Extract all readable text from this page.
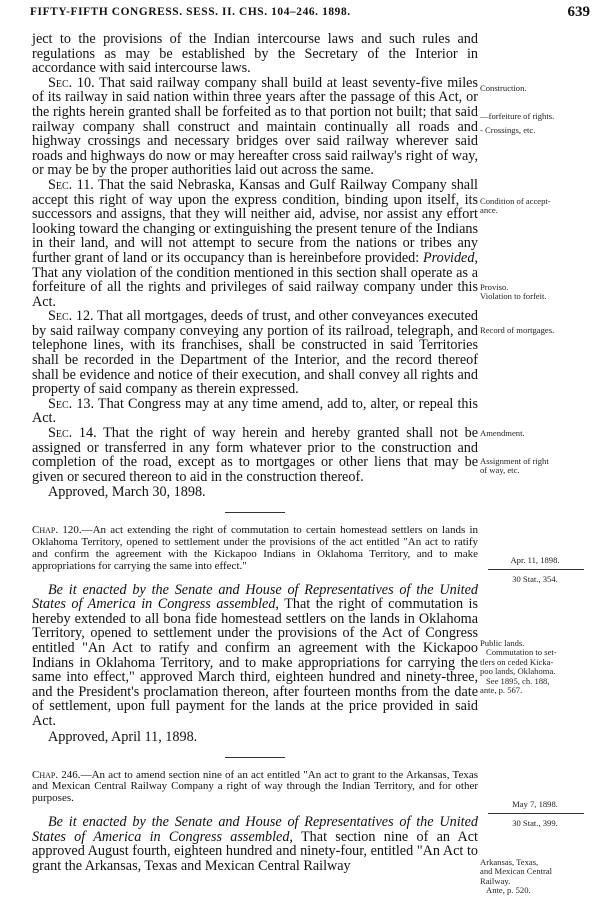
FIFTY-FIFTH CONGRESS. SESS. II. CHS. 104–246. 1898.	639

ject to the provisions of the Indian intercourse laws and such rules and regulations as may be established by the Secretary of the Interior in accordance with said intercourse laws.

Sec. 10. That said railway company shall build at least seventy-five miles of its railway in said nation within three years after the passage of this Act, or the rights herein granted shall be forfeited as to that portion not built; that said railway company shall construct and maintain continually all roads and highway crossings and necessary bridges over said railway wherever said roads and highways do now or may hereafter cross said railway's right of way, or may be by the proper authorities laid out across the same.

Sec. 11. That the said Nebraska, Kansas and Gulf Railway Company shall accept this right of way upon the express condition, binding upon itself, its successors and assigns, that they will neither aid, advise, nor assist any effort looking toward the changing or extinguishing the present tenure of the Indians in their land, and will not attempt to secure from the nations or tribes any further grant of land or its occupancy than is hereinbefore provided: Provided, That any violation of the condition mentioned in this section shall operate as a forfeiture of all the rights and privileges of said railway company under this Act.

Sec. 12. That all mortgages, deeds of trust, and other conveyances executed by said railway company conveying any portion of its railroad, telegraph, and telephone lines, with its franchises, shall be constructed in said Territories shall be recorded in the Department of the Interior, and the record thereof shall be evidence and notice of their execution, and shall convey all rights and property of said company as therein expressed.

Sec. 13. That Congress may at any time amend, add to, alter, or repeal this Act.

Sec. 14. That the right of way herein and hereby granted shall not be assigned or transferred in any form whatever prior to the construction and completion of the road, except as to mortgages or other liens that may be given or secured thereon to aid in the construction thereof.

Approved, March 30, 1898.

Chap. 120.—An act extending the right of commutation to certain homestead settlers on lands in Oklahoma Territory, opened to settlement under the provisions of the act entitled "An act to ratify and confirm the agreement with the Kickapoo Indians in Oklahoma Territory, and to make appropriations for carrying the same into effect."

Be it enacted by the Senate and House of Representatives of the United States of America in Congress assembled, That the right of commutation is hereby extended to all bona fide homestead settlers on the lands in Oklahoma Territory, opened to settlement under the provisions of the Act of Congress entitled "An Act to ratify and confirm an agreement with the Kickapoo Indians in Oklahoma Territory, and to make appropriations for carrying the same into effect," approved March third, eighteen hundred and ninety-three, and the President's proclamation thereon, after fourteen months from the date of settlement, upon full payment for the lands at the price provided in said Act.

Approved, April 11, 1898.

Chap. 246.—An act to amend section nine of an act entitled "An act to grant to the Arkansas, Texas and Mexican Central Railway Company a right of way through the Indian Territory, and for other purposes.

Be it enacted by the Senate and House of Representatives of the United States of America in Congress assembled, That section nine of an Act approved August fourth, eighteen hundred and ninety-four, entitled "An Act to grant the Arkansas, Texas and Mexican Central Railway

Construction.
—forfeiture of rights.
- Crossings, etc.
Condition of accept-
ance.
Proviso.
Violation to forfeit.
Record of mortgages.
Amendment.
Assignment of right
of way, etc.
Apr. 11, 1898.
30 Stat., 354.
Public lands.
Commutation to set-
tlers on ceded Kicka-
poo lands, Oklahoma.
See 1895, ch. 188,
ante, p. 567.
May 7, 1898.
30 Stat., 399.
Arkansas, Texas,
and Mexican Central
Railway.
Ante, p. 520.
